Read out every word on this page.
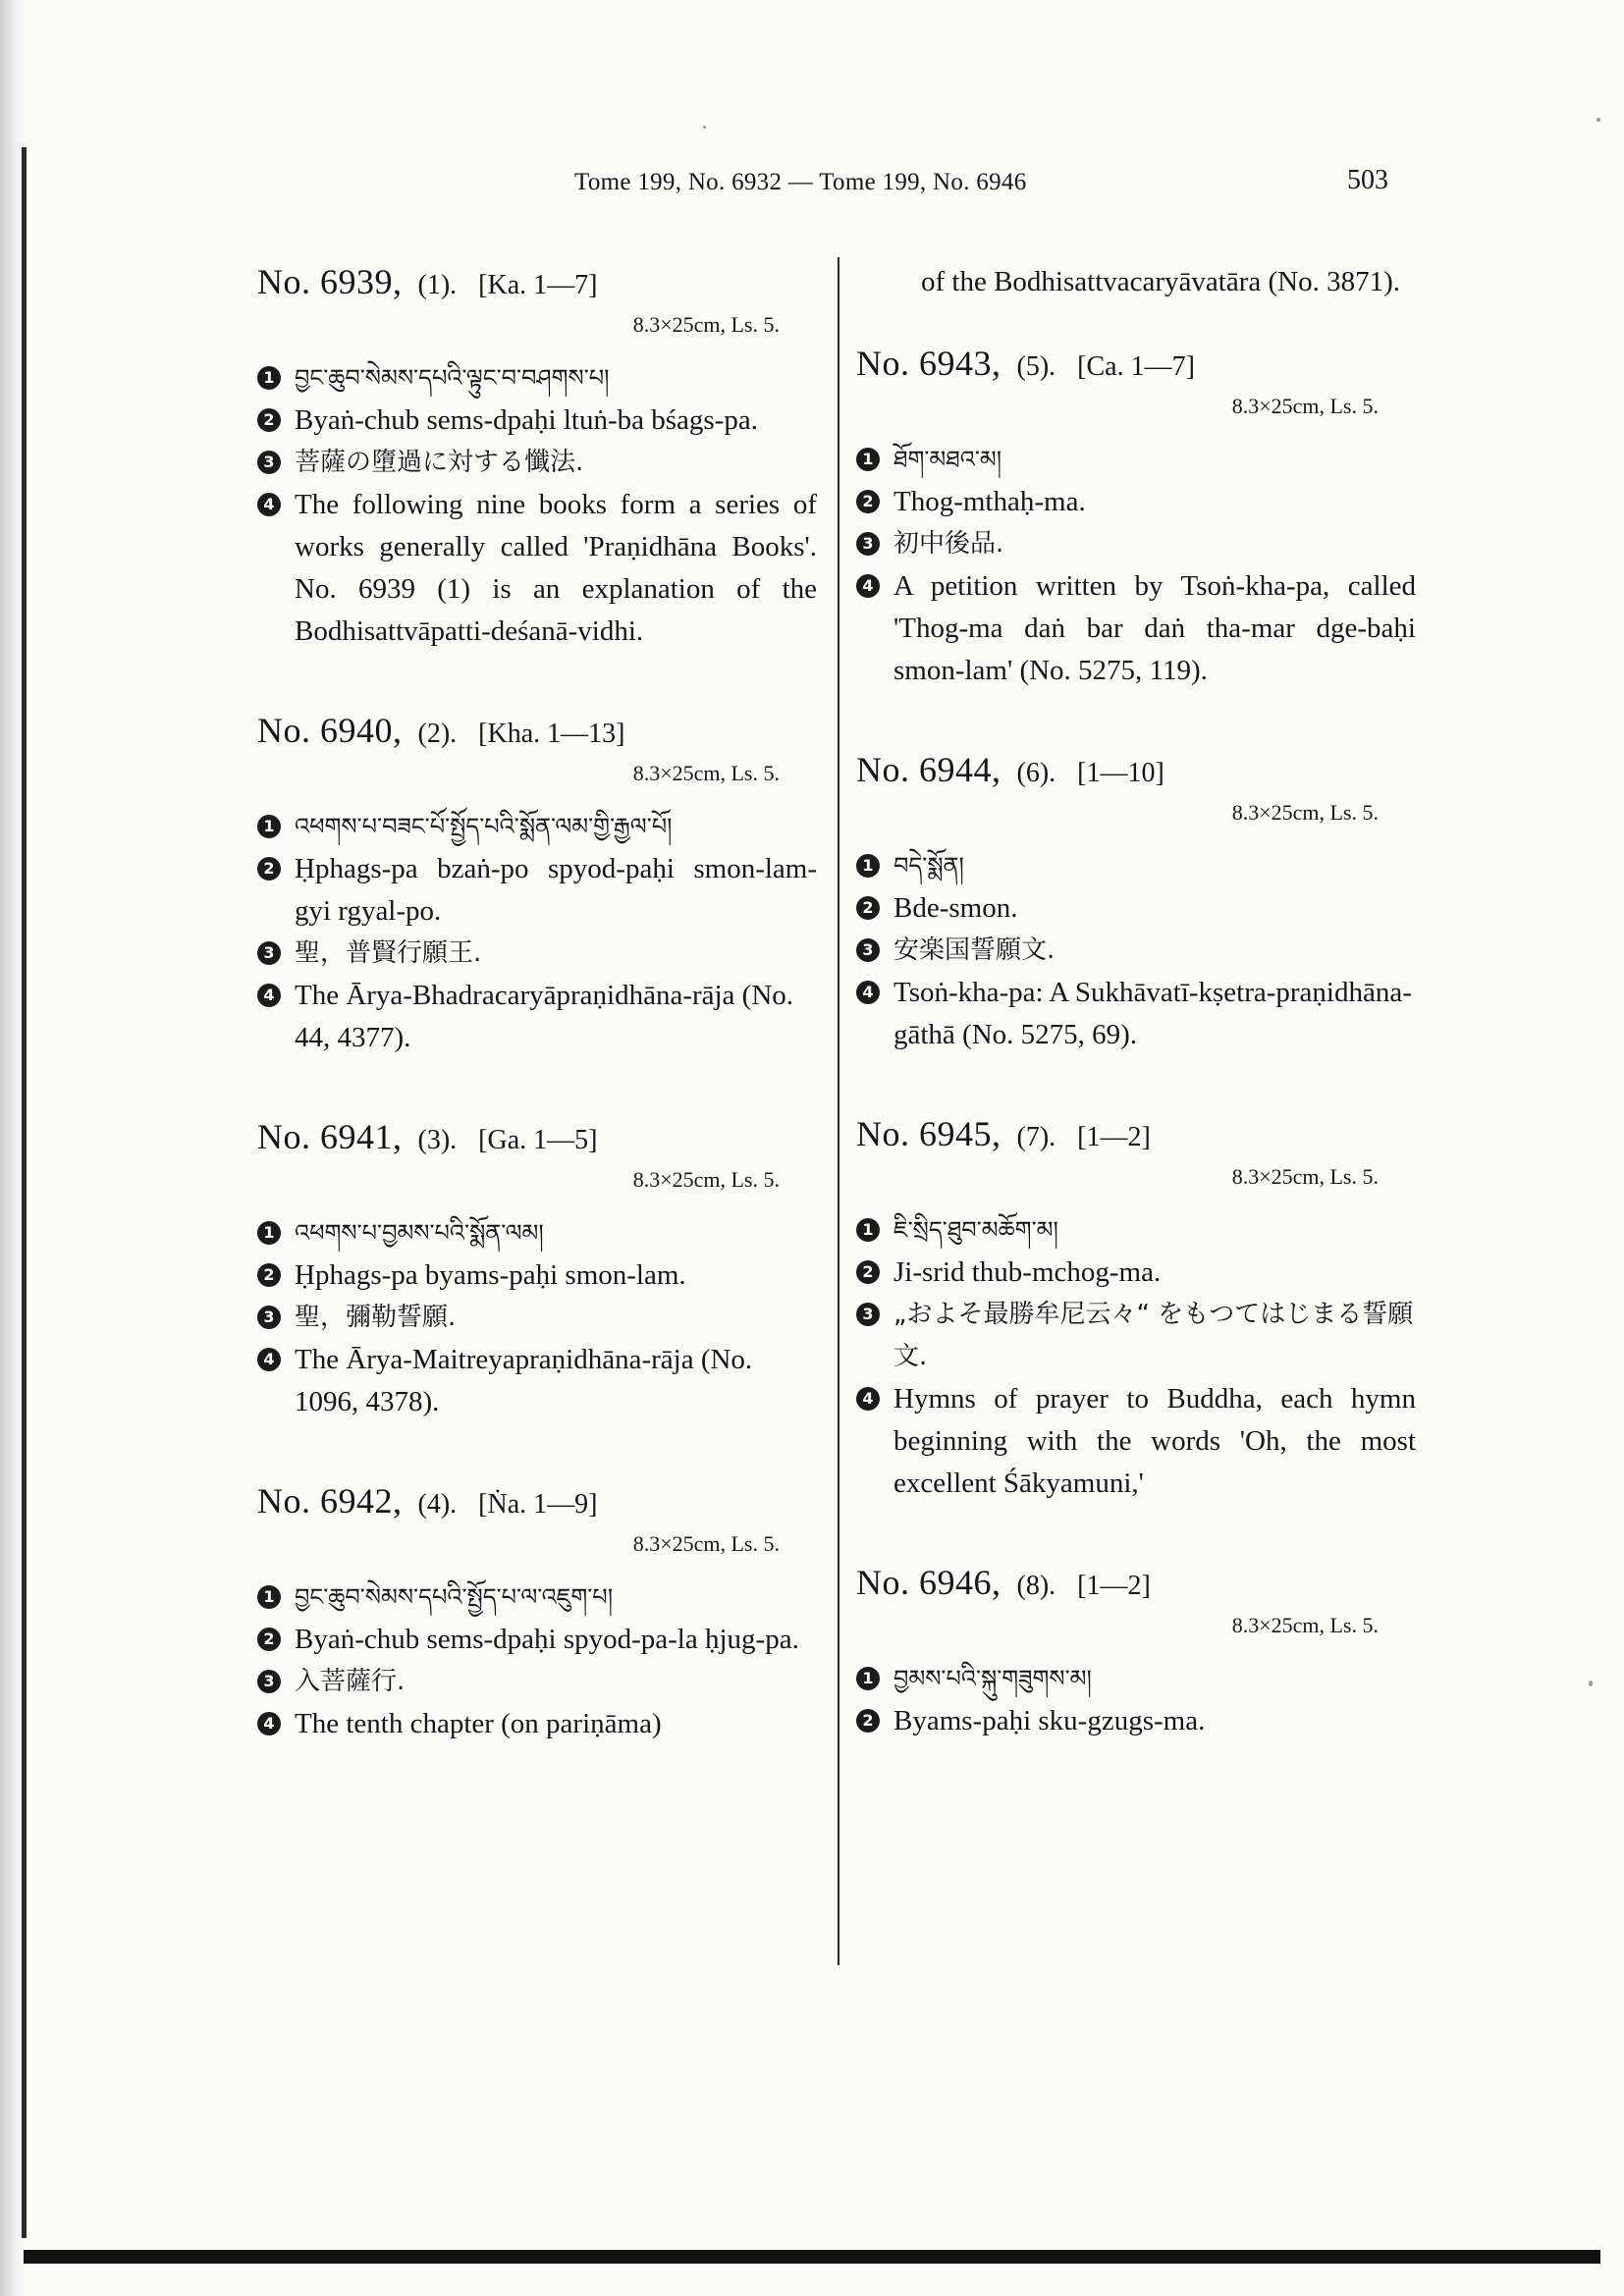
Tome 199, No. 6932 — Tome 199, No. 6946	503
No. 6939, (1). [Ka. 1—7]
8.3×25cm, Ls. 5.
1 བྱང་ཆུབ་སེམས་དཔའི་ལྟུང་བ་བཤགས་པ།
2 Byaṅ-chub sems-dpaḥi ltuṅ-ba bśags-pa.
3 菩薩の墮過に対する懺法.
4 The following nine books form a series of works generally called 'Praṇidhāna Books'. No. 6939 (1) is an explanation of the Bodhisattvāpatti-deśanā-vidhi.
No. 6940, (2). [Kha. 1—13]
8.3×25cm, Ls. 5.
1 འཕགས་པ་བཟང་པོ་སྤྱོད་པའི་སྨོན་ལམ་གྱི་རྒྱལ་པོ།
2 Ḥphags-pa bzaṅ-po spyod-paḥi smon-lam-gyi rgyal-po.
3 聖，普賢行願王.
4 The Ārya-Bhadracaryāpraṇidhāna-rāja (No. 44, 4377).
No. 6941, (3). [Ga. 1—5]
8.3×25cm, Ls. 5.
1 འཕགས་པ་བྱམས་པའི་སྨོན་ལམ།
2 Ḥphags-pa byams-paḥi smon-lam.
3 聖，彌勒誓願.
4 The Ārya-Maitreyapraṇidhāna-rāja (No. 1096, 4378).
No. 6942, (4). [Ṅa. 1—9]
8.3×25cm, Ls. 5.
1 བྱང་ཆུབ་སེམས་དཔའི་སྤྱོད་པ་ལ་འཇུག་པ།
2 Byaṅ-chub sems-dpaḥi spyod-pa-la ḥjug-pa.
3 入菩薩行.
4 The tenth chapter (on pariṇāma)
of the Bodhisattvacaryāvatāra (No. 3871).
No. 6943, (5). [Ca. 1—7]
8.3×25cm, Ls. 5.
1 ཐོག་མཐའ་མ།
2 Thog-mthaḥ-ma.
3 初中後品.
4 A petition written by Tsoṅ-kha-pa, called 'Thog-ma daṅ bar daṅ tha-mar dge-baḥi smon-lam' (No. 5275, 119).
No. 6944, (6). [1—10]
8.3×25cm, Ls. 5.
1 བདེ་སྨོན།
2 Bde-smon.
3 安楽国誓願文.
4 Tsoṅ-kha-pa: A Sukhāvatī-kṣetra-praṇidhāna-gāthā (No. 5275, 69).
No. 6945, (7). [1—2]
8.3×25cm, Ls. 5.
1 ཇི་སྲིད་ཐུབ་མཆོག་མ།
2 Ji-srid thub-mchog-ma.
3 „およそ最勝牟尼云々“ をもつてはじまる誓願文.
4 Hymns of prayer to Buddha, each hymn beginning with the words 'Oh, the most excellent Śākyamuni,'
No. 6946, (8). [1—2]
8.3×25cm, Ls. 5.
1 བྱམས་པའི་སྐུ་གཟུགས་མ།
2 Byams-paḥi sku-gzugs-ma.
